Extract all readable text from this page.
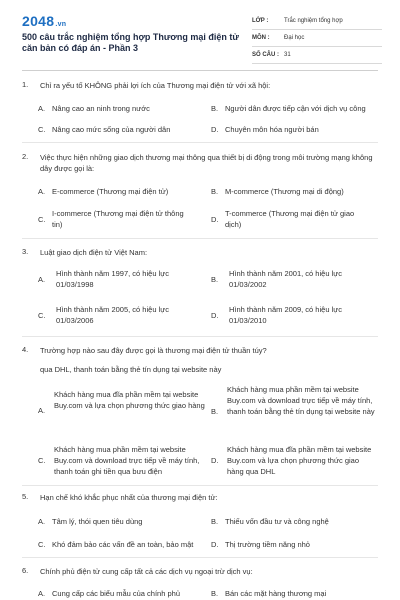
2048.vn
500 câu trắc nghiệm tổng hợp Thương mại điện tử căn bản có đáp án - Phần 3
LỚP :	Trắc nghiệm tổng hợp
MÔN :	Đại học
SỐ CÂU : 31
1. Chỉ ra yếu tố KHÔNG phải lợi ích của Thương mại điện tử với xã hội:
A. Nâng cao an ninh trong nước	B. Người dân được tiếp cận với dịch vụ công
C. Nâng cao mức sống của người dân	D. Chuyên môn hóa người bán
2. Việc thực hiện những giao dịch thương mại thông qua thiết bị di động trong môi trường mạng không dây được gọi là:
A. E-commerce (Thương mại điện tử)	B. M-commerce (Thương mại di động)
C.
I-commerce (Thương mại điện tử thông tin)
D.
T-commerce (Thương mại điện tử giao dịch)
3. Luật giao dịch điện tử Việt Nam:
A.
Hình thành năm 1997, có hiệu lực 01/03/1998
B.
Hình thành năm 2001, có hiệu lực 01/03/2002
C.
Hình thành năm 2005, có hiệu lực 01/03/2006
D.
Hình thành năm 2009, có hiệu lực 01/03/2010
4. Trường hợp nào sau đây được gọi là thương mại điện tử thuần túy?
qua DHL, thanh toán bằng thẻ tín dụng tại website này
A.
Khách hàng mua đĩa phần mềm tại website Buy.com và lựa chọn phương thức giao hàng
B.
Khách hàng mua phần mềm tại website Buy.com và download trực tiếp về máy tính, thanh toán bằng thẻ tín dụng tại website này
C.
Khách hàng mua phần mềm tại website Buy.com và download trực tiếp về máy tính, thanh toán ghi tiền qua bưu điện
D.
Khách hàng mua đĩa phần mềm tại website Buy.com và lựa chọn phương thức giao hàng qua DHL
5. Hạn chế khó khắc phục nhất của thương mại điện tử:
A. Tâm lý, thói quen tiêu dùng	B. Thiếu vốn đầu tư và công nghệ
C. Khó đảm bảo các vấn đề an toàn, bảo mật	D. Thị trường tiềm năng nhỏ
6. Chính phủ điện tử cung cấp tất cả các dịch vụ ngoại trừ dịch vụ:
A. Cung cấp các biểu mẫu của chính phủ	B. Bán các mặt hàng thương mại
